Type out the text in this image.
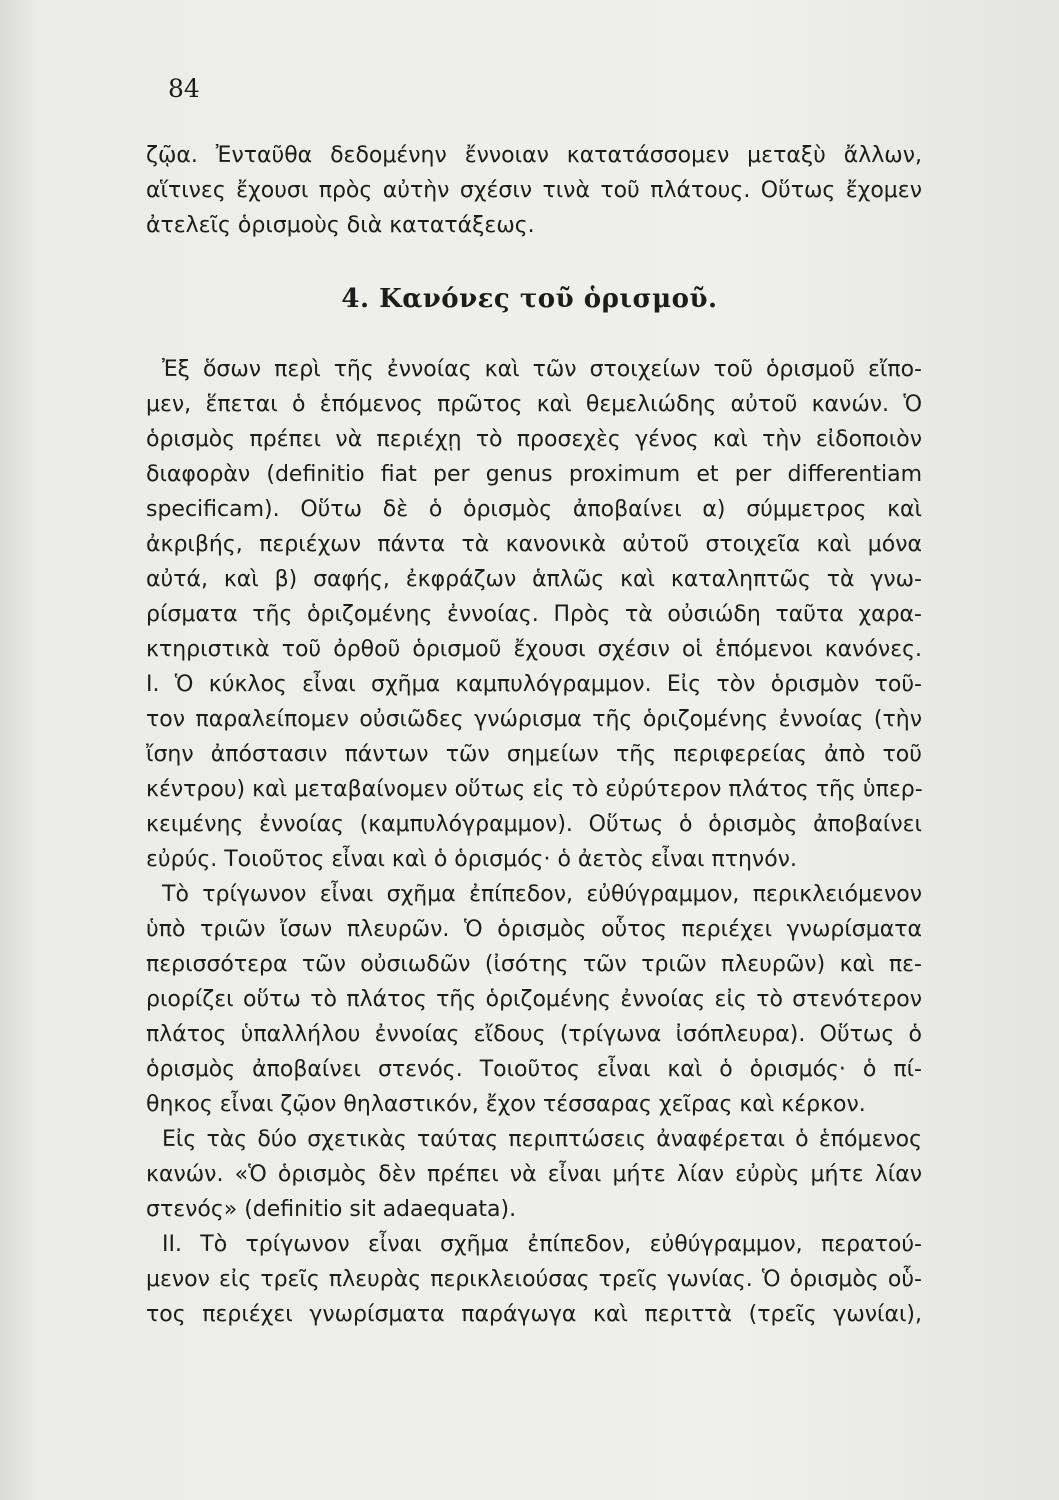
84
ζῷα. Ἐνταῦθα δεδομένην ἔννοιαν κατατάσσομεν μεταξὺ ἄλλων,
αἵτινες ἔχουσι πρὸς αὐτὴν σχέσιν τινὰ τοῦ πλάτους. Οὕτως ἔχομεν
ἀτελεῖς ὁρισμοὺς διὰ κατατάξεως.
4. Κανόνες τοῦ ὁρισμοῦ.
Ἐξ ὅσων περὶ τῆς ἐννοίας καὶ τῶν στοιχείων τοῦ ὁρισμοῦ εἴπο-
μεν, ἕπεται ὁ ἑπόμενος πρῶτος καὶ θεμελιώδης αὐτοῦ κανών. Ὁ
ὁρισμὸς πρέπει νὰ περιέχῃ τὸ προσεχὲς γένος καὶ τὴν εἰδοποιὸν
διαφορὰν (definitio fiat per genus proximum et per differentiam
specificam). Οὕτω δὲ ὁ ὁρισμὸς ἀποβαίνει α) σύμμετρος καὶ
ἀκριβής, περιέχων πάντα τὰ κανονικὰ αὐτοῦ στοιχεῖα καὶ μόνα
αὐτά, καὶ β) σαφής, ἐκφράζων ἁπλῶς καὶ καταληπτῶς τὰ γνω-
ρίσματα τῆς ὁριζομένης ἐννοίας. Πρὸς τὰ οὐσιώδη ταῦτα χαρα-
κτηριστικὰ τοῦ ὀρθοῦ ὁρισμοῦ ἔχουσι σχέσιν οἱ ἑπόμενοι κανόνες.
I. Ὁ κύκλος εἶναι σχῆμα καμπυλόγραμμον. Εἰς τὸν ὁρισμὸν τοῦ-
τον παραλείπομεν οὐσιῶδες γνώρισμα τῆς ὁριζομένης ἐννοίας (τὴν
ἴσην ἀπόστασιν πάντων τῶν σημείων τῆς περιφερείας ἀπὸ τοῦ
κέντρου) καὶ μεταβαίνομεν οὕτως εἰς τὸ εὐρύτερον πλάτος τῆς ὑπερ-
κειμένης ἐννοίας (καμπυλόγραμμον). Οὕτως ὁ ὁρισμὸς ἀποβαίνει
εὐρύς. Τοιοῦτος εἶναι καὶ ὁ ὁρισμός· ὁ ἀετὸς εἶναι πτηνόν.
Τὸ τρίγωνον εἶναι σχῆμα ἐπίπεδον, εὐθύγραμμον, περικλειόμενον
ὑπὸ τριῶν ἴσων πλευρῶν. Ὁ ὁρισμὸς οὗτος περιέχει γνωρίσματα
περισσότερα τῶν οὐσιωδῶν (ἰσότης τῶν τριῶν πλευρῶν) καὶ πε-
ριορίζει οὕτω τὸ πλάτος τῆς ὁριζομένης ἐννοίας εἰς τὸ στενότερον
πλάτος ὑπαλλήλου ἐννοίας εἴδους (τρίγωνα ἰσόπλευρα). Οὕτως ὁ
ὁρισμὸς ἀποβαίνει στενός. Τοιοῦτος εἶναι καὶ ὁ ὁρισμός· ὁ πί-
θηκος εἶναι ζῷον θηλαστικόν, ἔχον τέσσαρας χεῖρας καὶ κέρκον.
Εἰς τὰς δύο σχετικὰς ταύτας περιπτώσεις ἀναφέρεται ὁ ἑπόμενος
κανών. «Ὁ ὁρισμὸς δὲν πρέπει νὰ εἶναι μήτε λίαν εὐρὺς μήτε λίαν
στενός» (definitio sit adaequata).
II. Τὸ τρίγωνον εἶναι σχῆμα ἐπίπεδον, εὐθύγραμμον, περατού-
μενον εἰς τρεῖς πλευρὰς περικλειούσας τρεῖς γωνίας. Ὁ ὁρισμὸς οὗ-
τος περιέχει γνωρίσματα παράγωγα καὶ περιττὰ (τρεῖς γωνίαι),
